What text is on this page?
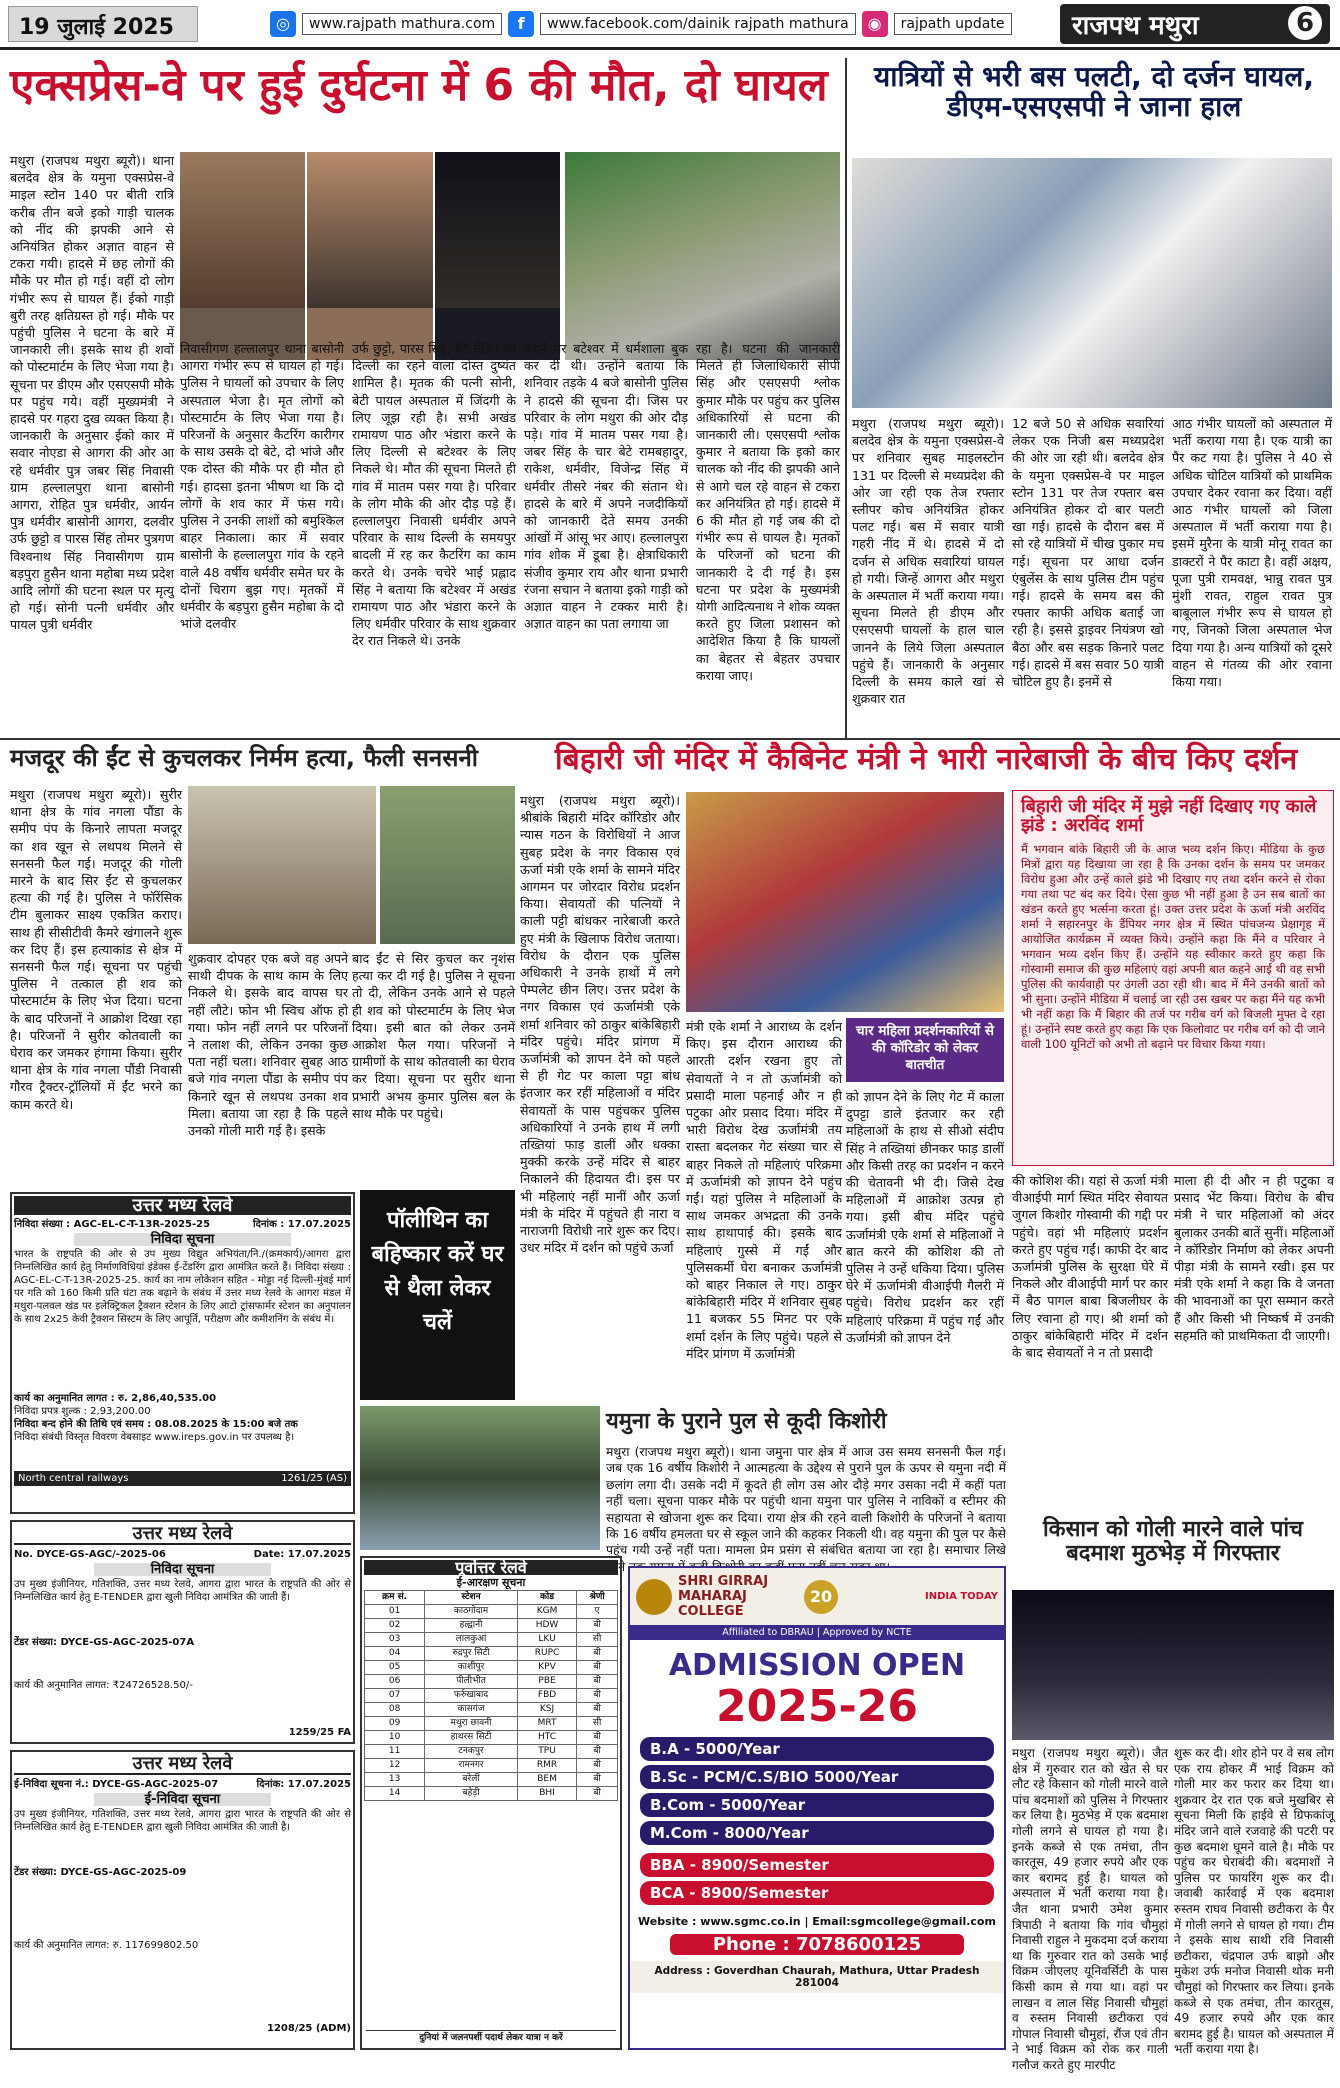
19 जुलाई 2025	◎	www.rajpath mathura.com	f	www.facebook.com/dainik rajpath mathura	◉	rajpath update	राजपथ मथुरा	6
एक्सप्रेस-वे पर हुई दुर्घटना में 6 की मौत, दो घायल
मथुरा (राजपथ मथुरा ब्यूरो)। थाना बलदेव क्षेत्र के यमुना एक्सप्रेस-वे माइल स्टोन 140 पर बीती रात्रि करीब तीन बजे इको गाड़ी चालक को नींद की झपकी आने से अनियंत्रित होकर अज्ञात वाहन से टकरा गयी। हादसे में छह लोगों की मौके पर मौत हो गई। वहीं दो लोग गंभीर रूप से घायल हैं। ईको गाड़ी बुरी तरह क्षतिग्रस्त हो गई। मौके पर पहुंची पुलिस ने घटना के बारे में जानकारी ली। इसके साथ ही शवों को पोस्टमार्टम के लिए भेजा गया है। सूचना पर डीएम और एसएसपी मौके पर पहुंच गये। वहीं मुख्यमंत्री ने हादसे पर गहरा दुख व्यक्त किया है। जानकारी के अनुसार ईको कार में सवार नोएडा से आगरा की ओर आ रहे धर्मवीर पुत्र जबर सिंह निवासी ग्राम हल्लालपुरा थाना बासोनी आगरा, रोहित पुत्र धर्मवीर, आर्यन पुत्र धर्मवीर बासोनी आगरा, दलवीर उर्फ छुट्टो व पारस सिंह तोमर पुत्रगण विश्वनाथ सिंह निवासीगण ग्राम बड़पुरा हुसैन थाना महोबा मध्य प्रदेश आदि लोगों की घटना स्थल पर मृत्यु हो गई। सोनी पत्नी धर्मवीर और पायल पुत्री धर्मवीर
निवासीगण हल्लालपुर थाना बासोनी आगरा गंभीर रूप से घायल हो गई। पुलिस ने घायलों को उपचार के लिए अस्पताल भेजा है। मृत लोगों को पोस्टमार्टम के लिए भेजा गया है। परिजनों के अनुसार कैटरिंग कारीगर के साथ उसके दो बेटे, दो भांजे और एक दोस्त की मौके पर ही मौत हो गई। हादसा इतना भीषण था कि दो लोगों के शव कार में फंस गये। पुलिस ने उनकी लाशों को बमुश्किल बाहर निकाला। कार में सवार बासोनी के हल्लालपुरा गांव के रहने वाले 48 वर्षीय धर्मवीर समेत घर के दोनों चिराग बुझ गए। मृतकों में धर्मवीर के बड़पुरा हुसैन महोबा के दो भांजे दलवीर
उर्फ छुट्टो, पारस सिंह, बेटे रोहित का दिल्ली का रहने वाला दोस्त दुष्यंत शामिल है। मृतक की पत्नी सोनी, बेटी पायल अस्पताल में जिंदगी के लिए जूझ रही है। सभी अखंड रामायण पाठ और भंडारा करने के लिए दिल्ली से बटेश्वर के लिए निकले थे। मौत की सूचना मिलते ही गांव में मातम पसर गया है। परिवार के लोग मौके की ओर दौड़ पड़े हैं। हल्लालपुरा निवासी धर्मवीर अपने परिवार के साथ दिल्ली के समयपुर बादली में रह कर कैटरिंग का काम करते थे। उनके चचेरे भाई प्रह्लाद सिंह ने बताया कि बटेश्वर में अखंड रामायण पाठ और भंडारा करने के लिए धर्मवीर परिवार के साथ शुक्रवार देर रात निकले थे। उनके
कहने पर बटेश्वर में धर्मशाला बुक कर दी थी। उन्होंने बताया कि शनिवार तड़के 4 बजे बासोनी पुलिस ने हादसे की सूचना दी। जिस पर परिवार के लोग मथुरा की ओर दौड़ पड़े। गांव में मातम पसर गया है। जबर सिंह के चार बेटे रामबहादुर, राकेश, धर्मवीर, विजेन्द्र सिंह में धर्मवीर तीसरे नंबर की संतान थे। हादसे के बारे में अपने नजदीकियों को जानकारी देते समय उनकी आंखों में आंसू भर आए। हल्लालपुरा गांव शोक में डूबा है। क्षेत्राधिकारी संजीव कुमार राय और थाना प्रभारी रंजना सचान ने बताया इको गाड़ी को अज्ञात वाहन ने टक्कर मारी है। अज्ञात वाहन का पता लगाया जा
रहा है। घटना की जानकारी मिलते ही जिलाधिकारी सीपी सिंह और एसएसपी श्लोक कुमार मौके पर पहुंच कर पुलिस अधिकारियों से घटना की जानकारी ली। एसएसपी श्लोक कुमार ने बताया कि इको कार चालक को नींद की झपकी आने से आगे चल रहे वाहन से टकरा कर अनियंत्रित हो गई। हादसे में 6 की मौत हो गई जब की दो गंभीर रूप से घायल है। मृतकों के परिजनों को घटना की जानकारी दे दी गई है। इस घटना पर प्रदेश के मुख्यमंत्री योगी आदित्यनाथ ने शोक व्यक्त करते हुए जिला प्रशासन को आदेशित किया है कि घायलों का बेहतर से बेहतर उपचार कराया जाए।
यात्रियों से भरी बस पलटी, दो दर्जन घायल, डीएम-एसएसपी ने जाना हाल
मथुरा (राजपथ मथुरा ब्यूरो)। बलदेव क्षेत्र के यमुना एक्सप्रेस-वे पर शनिवार सुबह माइलस्टोन 131 पर दिल्ली से मध्यप्रदेश की ओर जा रही एक तेज रफ्तार स्लीपर कोच अनियंत्रित होकर पलट गई। बस में सवार यात्री गहरी नींद में थे। हादसे में दो दर्जन से अधिक सवारियां घायल हो गयी। जिन्हें आगरा और मथुरा के अस्पताल में भर्ती कराया गया। सूचना मिलते ही डीएम और एसएसपी घायलों के हाल चाल जानने के लिये जिला अस्पताल पहुंचे हैं। जानकारी के अनुसार दिल्ली के समय काले खां से शुक्रवार रात
12 बजे 50 से अधिक सवारियां लेकर एक निजी बस मध्यप्रदेश की ओर जा रही थी। बलदेव क्षेत्र के यमुना एक्सप्रेस-वे पर माइल स्टोन 131 पर तेज रफ्तार बस अनियंत्रित होकर दो बार पलटी खा गई। हादसे के दौरान बस में सो रहे यात्रियों में चीख पुकार मच गई। सूचना पर आधा दर्जन एंबुलेंस के साथ पुलिस टीम पहुंच गई। हादसे के समय बस की रफ्तार काफी अधिक बताई जा रही है। इससे ड्राइवर नियंत्रण खो बैठा और बस सड़क किनारे पलट गई। हादसे में बस सवार 50 यात्री चोटिल हुए है। इनमें से
आठ गंभीर घायलों को अस्पताल में भर्ती कराया गया है। एक यात्री का पैर कट गया है। पुलिस ने 40 से अधिक चोटिल यात्रियों को प्राथमिक उपचार देकर रवाना कर दिया। वहीं आठ गंभीर घायलों को जिला अस्पताल में भर्ती कराया गया है। इसमें मुरैना के यात्री मोनू रावत का डाक्टरों ने पैर काटा है। वहीं अक्षय, पूजा पुत्री रामवक्ष, भान्नु रावत पुत्र मुंशी रावत, राहुल रावत पुत्र बाबूलाल गंभीर रूप से घायल हो गए, जिनको जिला अस्पताल भेज दिया गया है। अन्य यात्रियों को दूसरे वाहन से गंतव्य की ओर रवाना किया गया।
मजदूर की ईंट से कुचलकर निर्मम हत्या, फैली सनसनी
मथुरा (राजपथ मथुरा ब्यूरो)। सुरीर थाना क्षेत्र के गांव नगला पौंडा के समीप पंप के किनारे लापता मजदूर का शव खून से लथपथ मिलने से सनसनी फैल गई। मजदूर की गोली मारने के बाद सिर ईंट से कुचलकर हत्या की गई है। पुलिस ने फॉरेंसिक टीम बुलाकर साक्ष्य एकत्रित कराए। साथ ही सीसीटीवी कैमरे खंगालने शुरू कर दिए हैं। इस हत्याकांड से क्षेत्र में सनसनी फैल गई। सूचना पर पहुंची पुलिस ने तत्काल ही शव को पोस्टमार्टम के लिए भेज दिया। घटना के बाद परिजनों ने आक्रोश दिखा रहा है। परिजनों ने सुरीर कोतवाली का घेराव कर जमकर हंगामा किया। सुरीर थाना क्षेत्र के गांव नगला पौंडी निवासी गौरव ट्रैक्टर-ट्रॉलियों में ईंट भरने का काम करते थे।
शुक्रवार दोपहर एक बजे वह अपने साथी दीपक के साथ काम के लिए निकले थे। इसके बाद वापस घर नहीं लौटे। फोन भी स्विच ऑफ हो गया। फोन नहीं लगने पर परिजनों ने तलाश की, लेकिन उनका कुछ पता नहीं चला। शनिवार सुबह आठ बजे गांव नगला पौंडा के समीप पंप किनारे खून से लथपथ उनका शव मिला। बताया जा रहा है कि पहले उनको गोली मारी गई है। इसके
बाद ईंट से सिर कुचल कर नृशंस हत्या कर दी गई है। पुलिस ने सूचना तो दी, लेकिन उनके आने से पहले ही शव को पोस्टमार्टम के लिए भेज दिया। इसी बात को लेकर उनमें आक्रोश फैल गया। परिजनों ने ग्रामीणों के साथ कोतवाली का घेराव कर दिया। सूचना पर सुरीर थाना प्रभारी अभय कुमार पुलिस बल के साथ मौके पर पहुंचे।
बिहारी जी मंदिर में कैबिनेट मंत्री ने भारी नारेबाजी के बीच किए दर्शन
मथुरा (राजपथ मथुरा ब्यूरो)। श्रीबांके बिहारी मंदिर कॉरिडोर और न्यास गठन के विरोधियों ने आज सुबह प्रदेश के नगर विकास एवं ऊर्जा मंत्री एके शर्मा के सामने मंदिर आगमन पर जोरदार विरोध प्रदर्शन किया। सेवायतों की पत्नियों ने काली पट्टी बांधकर नारेबाजी करते हुए मंत्री के खिलाफ विरोध जताया। विरोध के दौरान एक पुलिस अधिकारी ने उनके हाथों में लगे पेम्पलेट छीन लिए। उत्तर प्रदेश के नगर विकास एवं ऊर्जामंत्री एके शर्मा शनिवार को ठाकुर बांकेबिहारी मंदिर पहुंचे। मंदिर प्रांगण में ऊर्जामंत्री को ज्ञापन देने को पहले से ही गेट पर काला पट्टा बांध इंतजार कर रहीं महिलाओं व मंदिर सेवायतों के पास पहुंचकर पुलिस अधिकारियों ने उनके हाथ में लगी तख्तियां फाड़ डालीं और धक्का मुक्की करके उन्हें मंदिर से बाहर निकालने की हिदायत दी। इस पर भी महिलाएं नहीं मानीं और ऊर्जा मंत्री के मंदिर में पहुंचते ही नारा व नाराजगी विरोधी नारे शुरू कर दिए। उधर मंदिर में दर्शन को पहुंचे ऊर्जा
मंत्री एके शर्मा ने आराध्य के दर्शन किए। इस दौरान आराध्य की आरती दर्शन रखना हुए तो सेवायतों ने न तो ऊर्जामंत्री को प्रसादी माला पहनाई और न ही पटुका ओर प्रसाद दिया। मंदिर में भारी विरोध देख ऊर्जामंत्री तय रास्ता बदलकर गेट संख्या चार से बाहर निकले तो महिलाएं परिक्रमा में ऊर्जामंत्री को ज्ञापन देने पहुंच गईं। यहां पुलिस ने महिलाओं के साथ जमकर अभद्रता की उनके साथ हाथापाई की। इसके बाद महिलाएं गुस्से में गईं और पुलिसकर्मी घेरा बनाकर ऊर्जामंत्री को बाहर निकाल ले गए। ठाकुर बांकेबिहारी मंदिर में शनिवार सुबह 11 बजकर 55 मिनट पर एके शर्मा दर्शन के लिए पहुंचे। पहले से मंदिर प्रांगण में ऊर्जामंत्री
चार महिला प्रदर्शनकारियों से की कॉरिडोर को लेकर बातचीत
को ज्ञापन देने के लिए गेट में काला दुपट्टा डाले इंतजार कर रही महिलाओं के हाथ से सीओ संदीप सिंह ने तख्तियां छीनकर फाड़ डालीं और किसी तरह का प्रदर्शन न करने की चेतावनी भी दी। जिसे देख महिलाओं में आक्रोश उत्पन्न हो गया। इसी बीच मंदिर पहुंचे ऊर्जामंत्री एके शर्मा से महिलाओं ने बात करने की कोशिश की तो पुलिस ने उन्हें धकिया दिया। पुलिस घेरे में ऊर्जामंत्री वीआईपी गैलरी में पहुंचे। विरोध प्रदर्शन कर रहीं महिलाएं परिक्रमा में पहुंच गईं और ऊर्जामंत्री को ज्ञापन देने
बिहारी जी मंदिर में मुझे नहीं दिखाए गए काले झंडे : अरविंद शर्मा
मैं भगवान बांके बिहारी जी के आज भव्य दर्शन किए। मीडिया के कुछ मित्रों द्वारा यह दिखाया जा रहा है कि उनका दर्शन के समय पर जमकर विरोध हुआ और उन्हें काले झंडे भी दिखाए गए तथा दर्शन करने से रोका गया तथा पट बंद कर दिये। ऐसा कुछ भी नहीं हुआ है उन सब बातों का खंडन करते हुए भर्त्सना करता हूं। उक्त उत्तर प्रदेश के ऊर्जा मंत्री अरविंद शर्मा ने सहारनपुर के डैंपियर नगर क्षेत्र में स्थित पांचजन्य प्रेक्षागृह में आयोजित कार्यक्रम में व्यक्त किये। उन्होंने कहा कि मैंने व परिवार ने भगवान भव्य दर्शन किए हैं। उन्होंने यह स्वीकार करते हुए कहा कि गोस्वामी समाज की कुछ महिलाएं वहां अपनी बात कहने आई थी वह सभी पुलिस की कार्यवाही पर उंगली उठा रही थी। बाद में मैंने उनकी बातों को भी सुना। उन्होंने मीडिया में चलाई जा रही उस खबर पर कहा मैंने यह कभी भी नहीं कहा कि मैं बिहार की तर्ज पर गरीब वर्ग को बिजली मुफ्त दे रहा हूं। उन्होंने स्पष्ट करते हुए कहा कि एक किलोवाट पर गरीब वर्ग को दी जाने वाली 100 यूनिटों को अभी तो बढ़ाने पर विचार किया गया।
की कोशिश की। यहां से ऊर्जा मंत्री वीआईपी मार्ग स्थित मंदिर सेवायत जुगल किशोर गोस्वामी की गद्दी पर पहुंचे। वहां भी महिलाएं प्रदर्शन करते हुए पहुंच गईं। काफी देर बाद ऊर्जामंत्री पुलिस के सुरक्षा घेरे में निकले और वीआईपी मार्ग पर कार में बैठ पागल बाबा बिजलीघर के लिए रवाना हो गए। श्री शर्मा को ठाकुर बांकेबिहारी मंदिर में दर्शन के बाद सेवायतों ने न तो प्रसादी
माला ही दी और न ही पटुका व प्रसाद भेंट किया। विरोध के बीच मंत्री ने चार महिलाओं को अंदर बुलाकर उनकी बातें सुनीं। महिलाओं ने कॉरिडोर निर्माण को लेकर अपनी पीड़ा मंत्री के सामने रखी। इस पर मंत्री एके शर्मा ने कहा कि वे जनता की भावनाओं का पूरा सम्मान करते हैं और किसी भी निष्कर्ष में उनकी सहमति को प्राथमिकता दी जाएगी।
पॉलीथिन का बहिष्कार करें घर से थैला लेकर चलें
उत्तर मध्य रेलवे
निविदा संख्या : AGC-EL-C-T-13R-2025-25	दिनांक : 17.07.2025
निविदा सूचना
भारत के राष्ट्रपति की ओर से उप मुख्य विद्युत अभियंता/नि./(क्रमकार्य)/आगरा द्वारा निम्नलिखित कार्य हेतु निर्माणविधियां इंडेक्स ई-टेंडरिंग द्वारा आमंत्रित करते हैं। निविदा संख्या : AGC-EL-C-T-13R-2025-25. कार्य का नाम लोकेशन सहित - मोड्डा नई दिल्ली-मुंबई मार्ग पर गति को 160 किमी प्रति घंटा तक बढ़ाने के संबंध में उत्तर मध्य रेलवे के आगरा मंडल में मथुरा-पलवल खंड पर इलेक्ट्रिकल ट्रैक्शन स्टेशन के लिए आटो ट्रांसफार्मर स्टेशन का अनुपालन के साथ 2x25 केवी ट्रैक्शन सिस्टम के लिए आपूर्ति, परीक्षण और कमीशनिंग के संबंध में।
कार्य का अनुमानित लागत : रु. 2,86,40,535.00
निविदा प्रपत्र शुल्क : 2,93,200.00
निविदा बन्द होने की तिथि एवं समय : 08.08.2025 के 15:00 बजे तक
निविदा संबंधी विस्तृत विवरण वेबसाइट www.ireps.gov.in पर उपलब्ध है।
North central railways	1261/25 (AS)
उत्तर मध्य रेलवे
No. DYCE-GS-AGC/-2025-06	Date: 17.07.2025
निविदा सूचना
उप मुख्य इंजीनियर, गतिशक्ति, उत्तर मध्य रेलवे, आगरा द्वारा भारत के राष्ट्रपति की ओर से निम्नलिखित कार्य हेतु E-TENDER द्वारा खुली निविदा आमंत्रित की जाती हैं।
टेंडर संख्या: DYCE-GS-AGC-2025-07A
कार्य की अनुमानित लागत: ₹24726528.50/-
1259/25 FA
उत्तर मध्य रेलवे
ई-निविदा सूचना नं.: DYCE-GS-AGC-2025-07	दिनांक: 17.07.2025
ई-निविदा सूचना
उप मुख्य इंजीनियर, गतिशक्ति, उत्तर मध्य रेलवे, आगरा द्वारा भारत के राष्ट्रपति की ओर से निम्नलिखित कार्य हेतु E-TENDER द्वारा खुली निविदा आमंत्रित की जाती है।
टेंडर संख्या: DYCE-GS-AGC-2025-09
कार्य की अनुमानित लागत: रु. 117699802.50
1208/25 (ADM)
यमुना के पुराने पुल से कूदी किशोरी
मथुरा (राजपथ मथुरा ब्यूरो)। थाना जमुना पार क्षेत्र में आज उस समय सनसनी फैल गई। जब एक 16 वर्षीय किशोरी ने आत्महत्या के उद्देश्य से पुराने पुल के ऊपर से यमुना नदी में छलांग लगा दी। उसके नदी में कूदते ही लोग उस ओर दौड़े मगर उसका नदी में कहीं पता नहीं चला। सूचना पाकर मौके पर पहुंची थाना यमुना पार पुलिस ने नाविकों व स्टीमर की सहायता से खोजना शुरू कर दिया। राया क्षेत्र की रहने वाली किशोरी के परिजनों ने बताया कि 16 वर्षीय हमलता घर से स्कूल जाने की कहकर निकली थी। वह यमुना की पुल पर कैसे पहुंच गयी उन्हें नहीं पता। मामला प्रेम प्रसंग से संबंधित बताया जा रहा है। समाचार लिखे
पूर्वोत्तर रेलवे
ई-आरक्षण सूचना
क्रम सं.	स्टेशन	कोड	श्रेणी
01	काठगोदाम	KGM	ए
02	हल्द्वानी	HDW	बी
03	लालकुआं	LKU	सी
04	रुद्रपुर सिटी	RUPC	बी
05	काशीपुर	KPV	बी
06	पीलीभीत	PBE	बी
07	फर्रुखाबाद	FBD	बी
08	कासगंज	KSJ	बी
09	मथुरा छावनी	MRT	सी
10	हाथरस सिटी	HTC	बी
11	टनकपुर	TPU	बी
12	रामनगर	RMR	बी
13	बरेली	BEM	बी
14	बहेड़ी	BHI	बी
दुनियां में जलनपर्शी पदार्थ लेकर यात्रा न करें
SHRI GIRRAJ MAHARAJ COLLEGE
20	INDIA TODAY
Affiliated to DBRAU | Approved by NCTE
ADMISSION OPEN
2025-26
B.A - 5000/Year
B.Sc - PCM/C.S/BIO 5000/Year
B.Com - 5000/Year
M.Com - 8000/Year
BBA - 8900/Semester
BCA - 8900/Semester
Website : www.sgmc.co.in | Email:sgmcollege@gmail.com
Phone : 7078600125
Address : Goverdhan Chaurah, Mathura, Uttar Pradesh 281004
किसान को गोली मारने वाले पांच बदमाश मुठभेड़ में गिरफ्तार
मथुरा (राजपथ मथुरा ब्यूरो)। जैत क्षेत्र में गुरुवार रात को खेत से घर लौट रहे किसान को गोली मारने वाले पांच बदमाशों को पुलिस ने गिरफ्तार कर लिया है। मुठभेड़ में एक बदमाश गोली लगने से घायल हो गया है। इनके कब्जे से एक तमंचा, तीन कारतूस, 49 हजार रुपये और एक कार बरामद हुई है। घायल को अस्पताल में भर्ती कराया गया है। जैत थाना प्रभारी उमेश कुमार त्रिपाठी ने बताया कि गांव चौमुहां निवासी राहुल ने मुकदमा दर्ज कराया था कि गुरुवार रात को उसके भाई विक्रम जीएलए यूनिवर्सिटी के पास किसी काम से गया था। वहां पर लाखन व लाल सिंह निवासी चौमुहां व रुस्तम निवासी छटीकरा एवं गोपाल निवासी चौमुहां, रौंज एवं तीन ने भाई विक्रम को रोक कर गाली गलौज करते हुए मारपीट
शुरू कर दी। शोर होने पर वे सब लोग एक राय होकर मैं भाई विक्रम को गोली मार कर फरार कर दिया था। शुक्रवार देर रात एक बजे मुखबिर से सूचना मिली कि हाईवे से ग्रिफकांजू मंदिर जाने वाले रजवाहे की पटरी पर कुछ बदमाश घूमने वाले है। मौके पर पहुंच कर घेराबंदी की। बदमाशों ने पुलिस पर फायरिंग शुरू कर दी। जवाबी कार्रवाई में एक बदमाश रुस्तम राघव निवासी छटीकरा के पैर में गोली लगने से घायल हो गया। टीम ने इसके साथ साथी रवि निवासी छटीकरा, चंद्रपाल उर्फ बाझो और मुकेश उर्फ मनोज निवासी थोक मनी चौमुहां को गिरफ्तार कर लिया। इनके कब्जे से एक तमंचा, तीन कारतूस, 49 हजार रुपये और एक कार बरामद हुई है। घायल को अस्पताल में भर्ती कराया गया है।
